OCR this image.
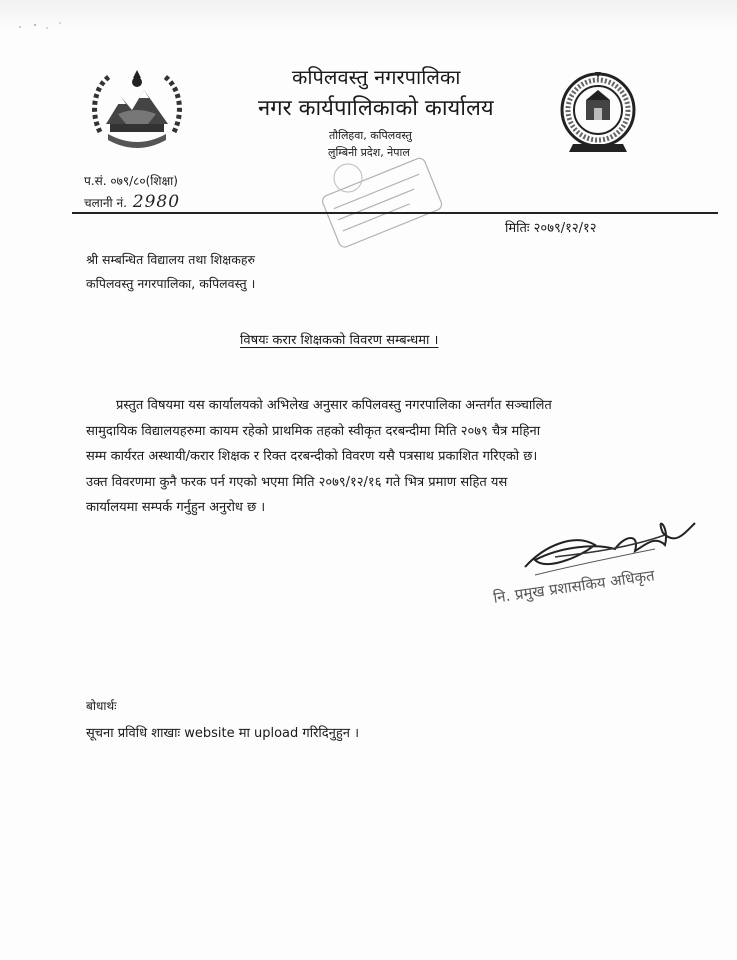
कपिलवस्तु नगरपालिका
नगर कार्यपालिकाको कार्यालय
तौलिहवा, कपिलवस्तु
लुम्बिनी प्रदेश, नेपाल
प.सं. ०७९/८०(शिक्षा)
चलानी नं. 2980
मितिः २०७९/१२/१२
श्री सम्बन्धित विद्यालय तथा शिक्षकहरु
कपिलवस्तु नगरपालिका, कपिलवस्तु ।
विषयः करार शिक्षकको विवरण सम्बन्धमा ।
प्रस्तुत विषयमा यस कार्यालयको अभिलेख अनुसार कपिलवस्तु नगरपालिका अन्तर्गत सञ्चालित
सामुदायिक विद्यालयहरुमा कायम रहेको प्राथमिक तहको स्वीकृत दरबन्दीमा मिति २०७९ चैत्र महिना
सम्म कार्यरत अस्थायी/करार शिक्षक र रिक्त दरबन्दीको विवरण यसै पत्रसाथ प्रकाशित गरिएको छ।
उक्त विवरणमा कुनै फरक पर्न गएको भएमा मिति २०७९/१२/१६ गते भित्र प्रमाण सहित यस
कार्यालयमा सम्पर्क गर्नुहुन अनुरोध छ ।
नि. प्रमुख प्रशासकिय अधिकृत
बोधार्थः
सूचना प्रविधि शाखाः website मा upload गरिदिनुहुन ।
